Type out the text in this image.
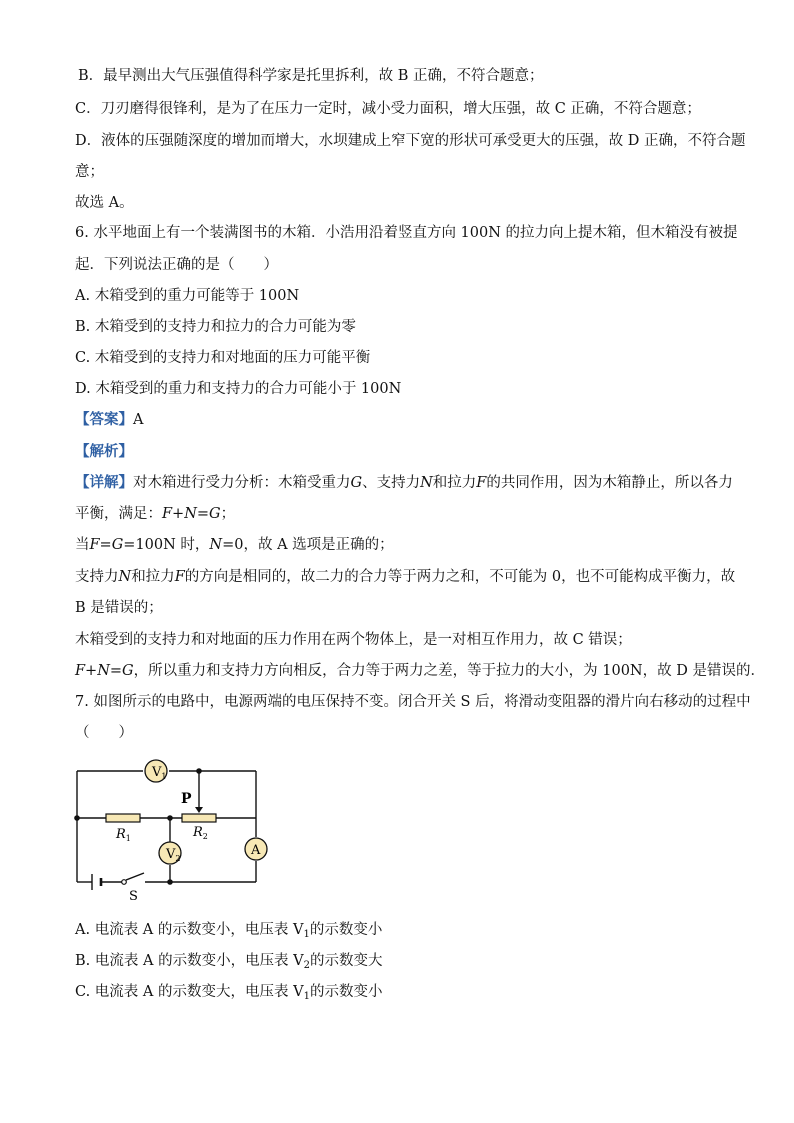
B．最早测出大气压强值得科学家是托里拆利，故 B 正确，不符合题意；
C．刀刃磨得很锋利，是为了在压力一定时，减小受力面积，增大压强，故 C 正确，不符合题意；
D．液体的压强随深度的增加而增大，水坝建成上窄下宽的形状可承受更大的压强，故 D 正确，不符合题
意；
故选 A。
6. 水平地面上有一个装满图书的木箱．小浩用沿着竖直方向 100N 的拉力向上提木箱，但木箱没有被提
起．下列说法正确的是（　　）
A. 木箱受到的重力可能等于 100N
B. 木箱受到的支持力和拉力的合力可能为零
C. 木箱受到的支持力和对地面的压力可能平衡
D. 木箱受到的重力和支持力的合力可能小于 100N
【答案】A
【解析】
【详解】对木箱进行受力分析：木箱受重力G、支持力N和拉力F的共同作用，因为木箱静止，所以各力
平衡，满足：F+N=G；
当F=G=100N 时，N=0，故 A 选项是正确的；
支持力N和拉力F的方向是相同的，故二力的合力等于两力之和，不可能为 0，也不可能构成平衡力，故
B 是错误的；
木箱受到的支持力和对地面的压力作用在两个物体上，是一对相互作用力，故 C 错误；
F+N=G，所以重力和支持力方向相反，合力等于两力之差，等于拉力的大小，为 100N，故 D 是错误的．
7. 如图所示的电路中，电源两端的电压保持不变。闭合开关 S 后，将滑动变阻器的滑片向右移动的过程中
（　　）
$V_1$
$V_2$
A
P
$R_1$	$R_2$
S
A. 电流表 A 的示数变小，电压表 $V_1$的示数变小
B. 电流表 A 的示数变小，电压表 $V_2$的示数变大
C. 电流表 A 的示数变大，电压表 $V_1$的示数变小
